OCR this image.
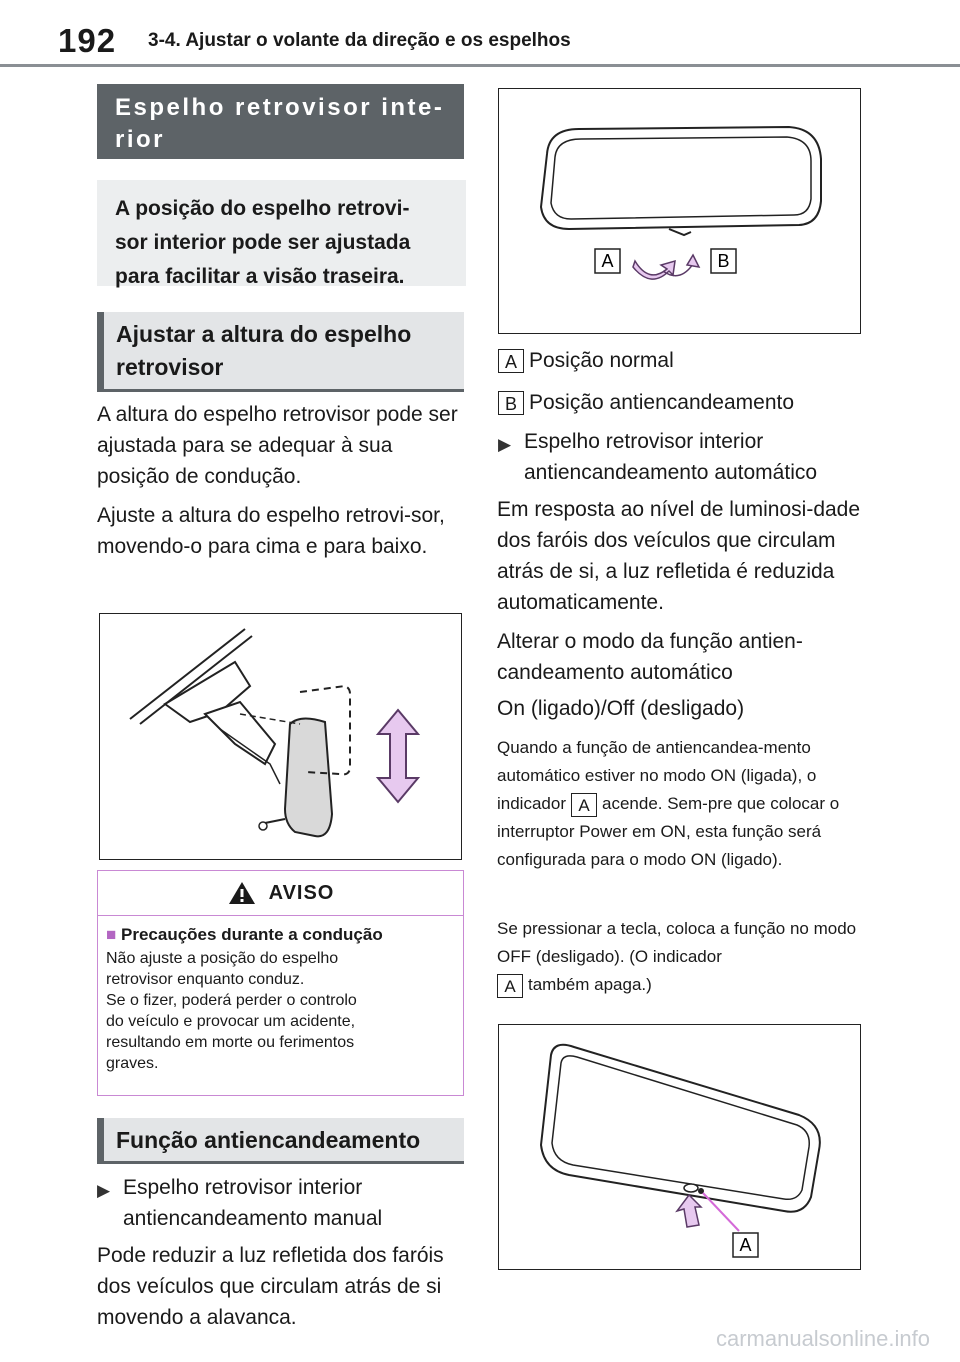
192 3-4. Ajustar o volante da direção e os espelhos
Espelho retrovisor inte-
rior
A posição do espelho retrovi-
sor interior pode ser ajustada
para facilitar a visão traseira.
Ajustar a altura do espelho
retrovisor
A altura do espelho retrovisor pode ser ajustada para se adequar à sua posição de condução.
Ajuste a altura do espelho retrovi-sor, movendo-o para cima e para baixo.
AVISO
■ Precauções durante a condução
Não ajuste a posição do espelho
retrovisor enquanto conduz.
Se o fizer, poderá perder o controlo
do veículo e provocar um acidente,
resultando em morte ou ferimentos
graves.
Função antiencandeamento
▶ Espelho retrovisor interior antiencandeamento manual
Pode reduzir a luz refletida dos faróis dos veículos que circulam atrás de si movendo a alavanca.
A	B
A Posição normal
B Posição antiencandeamento
▶ Espelho retrovisor interior antiencandeamento automático
Em resposta ao nível de luminosi-dade dos faróis dos veículos que circulam atrás de si, a luz refletida é reduzida automaticamente.
Alterar o modo da função antien-candeamento automático
On (ligado)/Off (desligado)
Quando a função de antiencandea-mento automático estiver no modo ON (ligada), o indicador A acende. Sem-pre que colocar o interruptor Power em ON, esta função será configurada para o modo ON (ligado).
Se pressionar a tecla, coloca a função no modo OFF (desligado). (O indicador
A também apaga.)
A
carmanualsonline.info
